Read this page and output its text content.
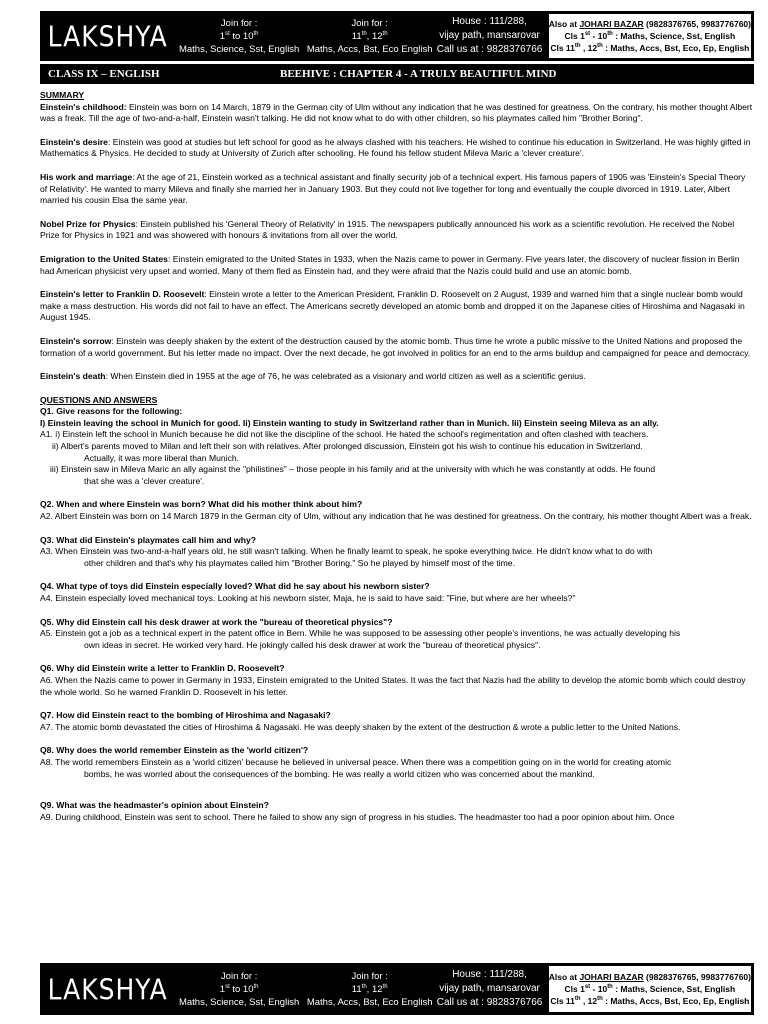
LAKSHYA	Join for :
1st to 10th
Maths, Science, Sst, English
Join for :
11th, 12th
Maths, Accs, Bst, Eco English
House : 111/288,
vijay path, mansarovar
Call us at : 9828376766
Also at JOHARI BAZAR (9828376765, 9983776760)
Cls 1st - 10th : Maths, Science, Sst, English
Cls 11th , 12th : Maths, Accs, Bst, Eco, Ep, English
CLASS IX – ENGLISH	BEEHIVE : CHAPTER 4 - A TRULY BEAUTIFUL MIND
SUMMARY
Einstein's childhood: Einstein was born on 14 March, 1879 in the German city of Ulm without any indication that he was destined for greatness. On the contrary, his mother thought Albert was a freak. Till the age of two-and-a-half, Einstein wasn't talking. He did not know what to do with other children, so his playmates called him "Brother Boring".
Einstein's desire: Einstein was good at studies but left school for good as he always clashed with his teachers. He wished to continue his education in Switzerland. He was highly gifted in Mathematics & Physics. He decided to study at University of Zurich after schooling. He found his fellow student Mileva Maric a 'clever creature'.
His work and marriage: At the age of 21, Einstein worked as a technical assistant and finally security job of a technical expert. His famous papers of 1905 was 'Einstein's Special Theory of Relativity'. He wanted to marry Mileva and finally she married her in January 1903. But they could not live together for long and eventually the couple divorced in 1919. Later, Albert married his cousin Elsa the same year.
Nobel Prize for Physics: Einstein published his 'General Theory of Relativity' in 1915. The newspapers publically announced his work as a scientific revolution. He received the Nobel Prize for Physics in 1921 and was showered with honours & invitations from all over the world.
Emigration to the United States: Einstein emigrated to the United States in 1933, when the Nazis came to power in Germany. Five years later, the discovery of nuclear fission in Berlin had American physicist very upset and worried. Many of them fled as Einstein had, and they were afraid that the Nazis could build and use an atomic bomb.
Einstein's letter to Franklin D. Roosevelt: Einstein wrote a letter to the American President, Franklin D. Roosevelt on 2 August, 1939 and warned him that a single nuclear bomb would make a mass destruction. His words did not fail to have an effect. The Americans secretly developed an atomic bomb and dropped it on the Japanese cities of Hiroshima and Nagasaki in August 1945.
Einstein's sorrow: Einstein was deeply shaken by the extent of the destruction caused by the atomic bomb. Thus time he wrote a public missive to the United Nations and proposed the formation of a world government. But his letter made no impact. Over the next decade, he got involved in politics for an end to the arms buildup and campaigned for peace and democracy.
Einstein's death: When Einstein died in 1955 at the age of 76, he was celebrated as a visionary and world citizen as well as a scientific genius.
QUESTIONS AND ANSWERS
Q1. Give reasons for the following:
I) Einstein leaving the school in Munich for good. Ii) Einstein wanting to study in Switzerland rather than in Munich. Iii) Einstein seeing Mileva as an ally.
A1. i) Einstein left the school in Munich because he did not like the discipline of the school. He hated the school's regimentation and often clashed with teachers.
ii) Albert's parents moved to Milan and left their son with relatives. After prolonged discussion, Einstein got his wish to continue his education in Switzerland.
Actually, it was more liberal than Munich.
iii) Einstein saw in Mileva Maric an ally against the "philistines" – those people in his family and at the university with which he was constantly at odds. He found
that she was a 'clever creature'.
Q2. When and where Einstein was born? What did his mother think about him?
A2. Albert Einstein was born on 14 March 1879 in the German city of Ulm, without any indication that he was destined for greatness. On the contrary, his mother thought Albert was a freak.
Q3. What did Einstein's playmates call him and why?
A3. When Einstein was two-and-a-half years old, he still wasn't talking. When he finally learnt to speak, he spoke everything twice. He didn't know what to do with
other children and that's why his playmates called him "Brother Boring." So he played by himself most of the time.
Q4. What type of toys did Einstein especially loved? What did he say about his newborn sister?
A4. Einstein especially loved mechanical toys. Looking at his newborn sister, Maja, he is said to have said: "Fine, but where are her wheels?"
Q5. Why did Einstein call his desk drawer at work the "bureau of theoretical physics"?
A5. Einstein got a job as a technical expert in the patent office in Bern. While he was supposed to be assessing other people's inventions, he was actually developing his
own ideas in secret. He worked very hard. He jokingly called his desk drawer at work the "bureau of theoretical physics".
Q6. Why did Einstein write a letter to Franklin D. Roosevelt?
A6. When the Nazis came to power in Germany in 1933, Einstein emigrated to the United States. It was the fact that Nazis had the ability to develop the atomic bomb which could destroy the whole world. So he warned Franklin D. Roosevelt in his letter.
Q7. How did Einstein react to the bombing of Hiroshima and Nagasaki?
A7. The atomic bomb devastated the cities of Hiroshima & Nagasaki. He was deeply shaken by the extent of the destruction & wrote a public letter to the United Nations.
Q8. Why does the world remember Einstein as the 'world citizen'?
A8. The world remembers Einstein as a 'world citizen' because he believed in universal peace. When there was a competition going on in the world for creating atomic
bombs, he was worried about the consequences of the bombing. He was really a world citizen who was concerned about the mankind.
Q9. What was the headmaster's opinion about Einstein?
A9. During childhood, Einstein was sent to school. There he failed to show any sign of progress in his studies. The headmaster too had a poor opinion about him. Once
LAKSHYA	Join for :
1st to 10th
Maths, Science, Sst, English
Join for :
11th, 12th
Maths, Accs, Bst, Eco English
House : 111/288,
vijay path, mansarovar
Call us at : 9828376766
Also at JOHARI BAZAR (9828376765, 9983776760)
Cls 1st - 10th : Maths, Science, Sst, English
Cls 11th , 12th : Maths, Accs, Bst, Eco, Ep, English
